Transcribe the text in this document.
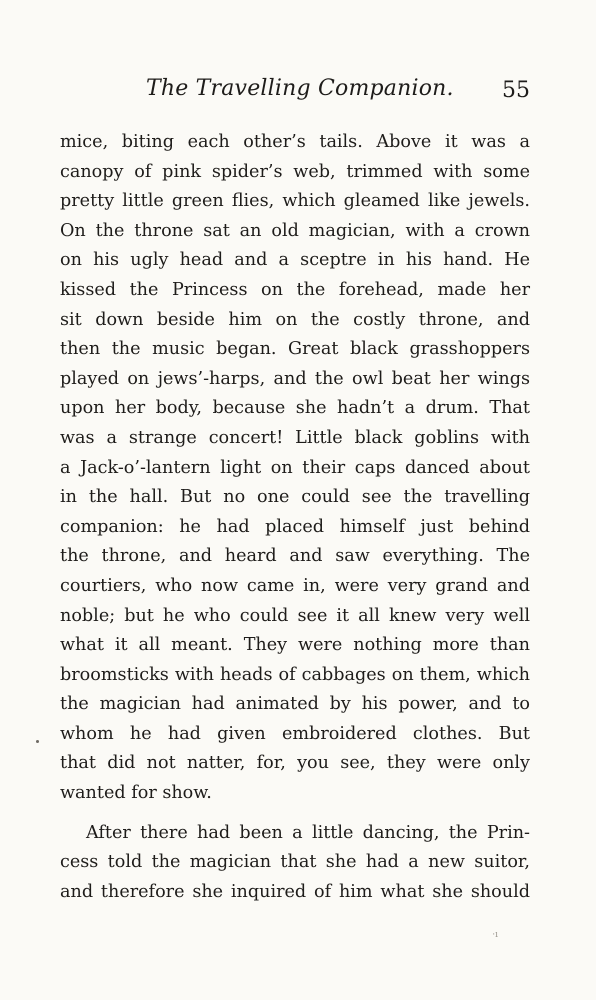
The Travelling Companion. 55
mice, biting each other’s tails. Above it was a
canopy of pink spider’s web, trimmed with some
pretty little green flies, which gleamed like jewels.
On the throne sat an old magician, with a crown
on his ugly head and a sceptre in his hand. He
kissed the Princess on the forehead, made her
sit down beside him on the costly throne, and
then the music began. Great black grasshoppers
played on jews’-harps, and the owl beat her wings
upon her body, because she hadn’t a drum. That
was a strange concert! Little black goblins with
a Jack-o’-lantern light on their caps danced about
in the hall. But no one could see the travelling
companion: he had placed himself just behind
the throne, and heard and saw everything. The
courtiers, who now came in, were very grand and
noble; but he who could see it all knew very well
what it all meant. They were nothing more than
broomsticks with heads of cabbages on them, which
the magician had animated by his power, and to
whom he had given embroidered clothes. But
that did not natter, for, you see, they were only
wanted for show.
After there had been a little dancing, the Prin-
cess told the magician that she had a new suitor,
and therefore she inquired of him what she should
·ı
